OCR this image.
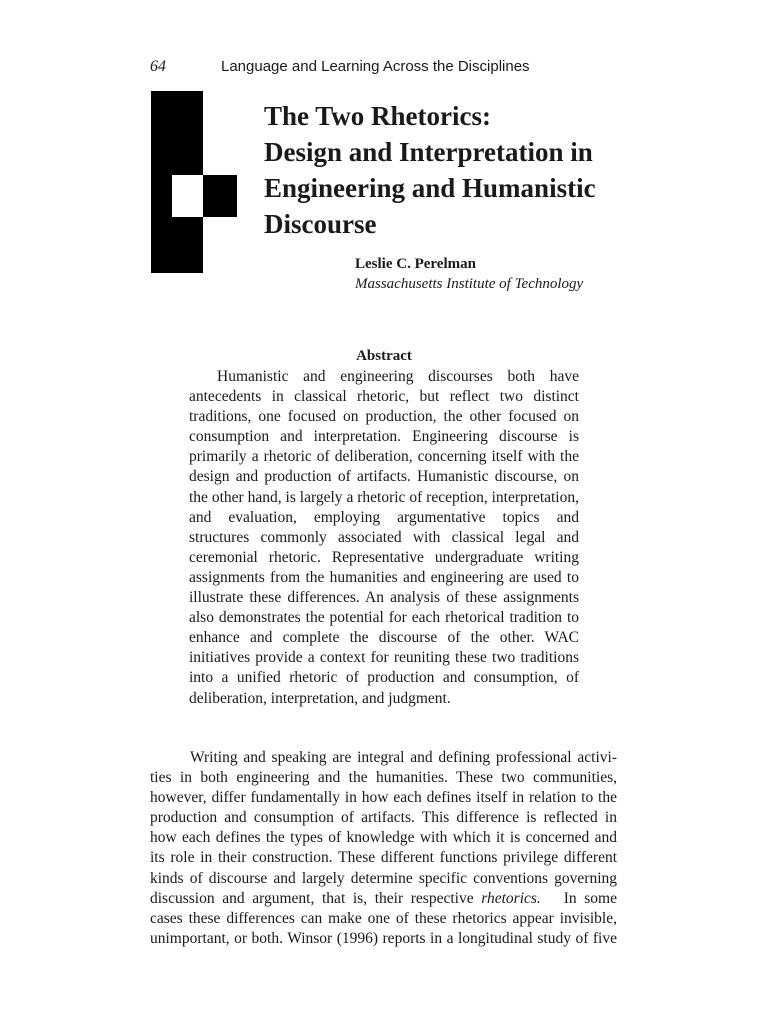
64	Language and Learning Across the Disciplines
The Two Rhetorics:
Design and Interpretation in
Engineering and Humanistic
Discourse
Leslie C. Perelman
Massachusetts Institute of Technology
Abstract
Humanistic and engineering discourses both have
antecedents in classical rhetoric, but reflect two distinct
traditions, one focused on production, the other focused on
consumption and interpretation. Engineering discourse is
primarily a rhetoric of deliberation, concerning itself with the
design and production of artifacts. Humanistic discourse, on
the other hand, is largely a rhetoric of reception, interpretation,
and evaluation, employing argumentative topics and
structures commonly associated with classical legal and
ceremonial rhetoric. Representative undergraduate writing
assignments from the humanities and engineering are used to
illustrate these differences. An analysis of these assignments
also demonstrates the potential for each rhetorical tradition to
enhance and complete the discourse of the other. WAC
initiatives provide a context for reuniting these two traditions
into a unified rhetoric of production and consumption, of
deliberation, interpretation, and judgment.
Writing and speaking are integral and defining professional activi-
ties in both engineering and the humanities. These two communities,
however, differ fundamentally in how each defines itself in relation to the
production and consumption of artifacts. This difference is reflected in
how each defines the types of knowledge with which it is concerned and
its role in their construction. These different functions privilege different
kinds of discourse and largely determine specific conventions governing
discussion and argument, that is, their respective rhetorics.   In some
cases these differences can make one of these rhetorics appear invisible,
unimportant, or both. Winsor (1996) reports in a longitudinal study of five
